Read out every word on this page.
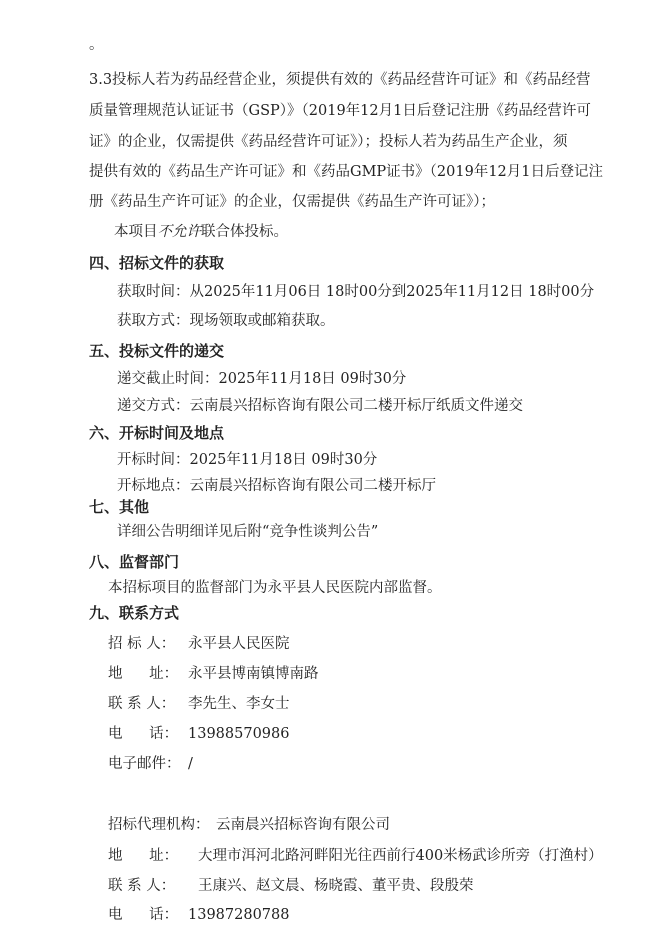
。
3.3投标人若为药品经营企业，须提供有效的《药品经营许可证》和《药品经营
质量管理规范认证证书（GSP）》（2019年12月1日后登记注册《药品经营许可
证》的企业，仅需提供《药品经营许可证》）；投标人若为药品生产企业，须
提供有效的《药品生产许可证》和《药品GMP证书》（2019年12月1日后登记注
册《药品生产许可证》的企业，仅需提供《药品生产许可证》）；
本项目不允许联合体投标。
四、招标文件的获取
获取时间：从2025年11月06日 18时00分到2025年11月12日 18时00分
获取方式：现场领取或邮箱获取。
五、投标文件的递交
递交截止时间：2025年11月18日 09时30分
递交方式：云南晨兴招标咨询有限公司二楼开标厅纸质文件递交
六、开标时间及地点
开标时间：2025年11月18日 09时30分
开标地点：云南晨兴招标咨询有限公司二楼开标厅
七、其他
详细公告明细详见后附“竞争性谈判公告”
八、监督部门
本招标项目的监督部门为永平县人民医院内部监督。
九、联系方式
招 标 人： 永平县人民医院
地 址： 永平县博南镇博南路
联 系 人： 李先生、李女士
电 话： 13988570986
电子邮件： /
招标代理机构： 云南晨兴招标咨询有限公司
地 址： 大理市洱河北路河畔阳光往西前行400米杨武诊所旁（打渔村）
联 系 人： 王康兴、赵文晨、杨晓霞、董平贵、段殷荣
电 话： 13987280788
